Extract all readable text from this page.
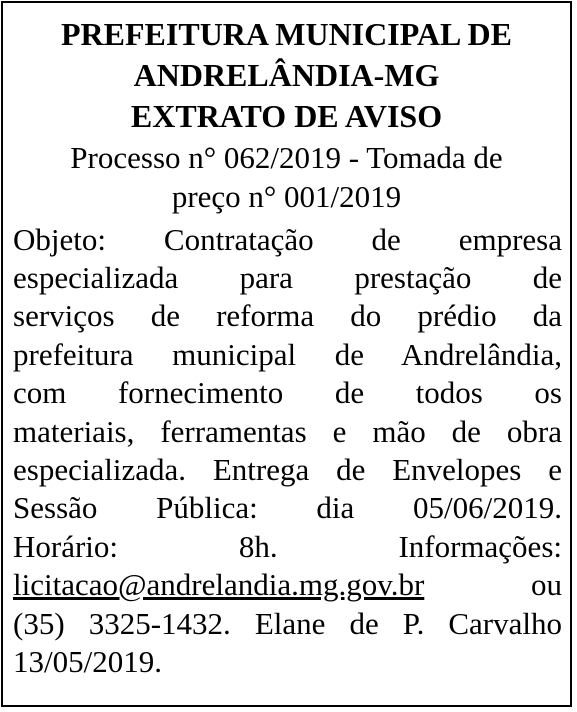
PREFEITURA MUNICIPAL DE
ANDRELÂNDIA-MG
EXTRATO DE AVISO
Processo n° 062/2019 - Tomada de
preço n° 001/2019
Objeto: Contratação de empresa
especializada para prestação de
serviços de reforma do prédio da
prefeitura municipal de Andrelândia,
com fornecimento de todos os
materiais, ferramentas e mão de obra
especializada. Entrega de Envelopes e
Sessão Pública: dia 05/06/2019.
Horário: 8h. Informações:
licitacao@andrelandia.mg.gov.br	ou
(35) 3325-1432. Elane de P. Carvalho
13/05/2019.
